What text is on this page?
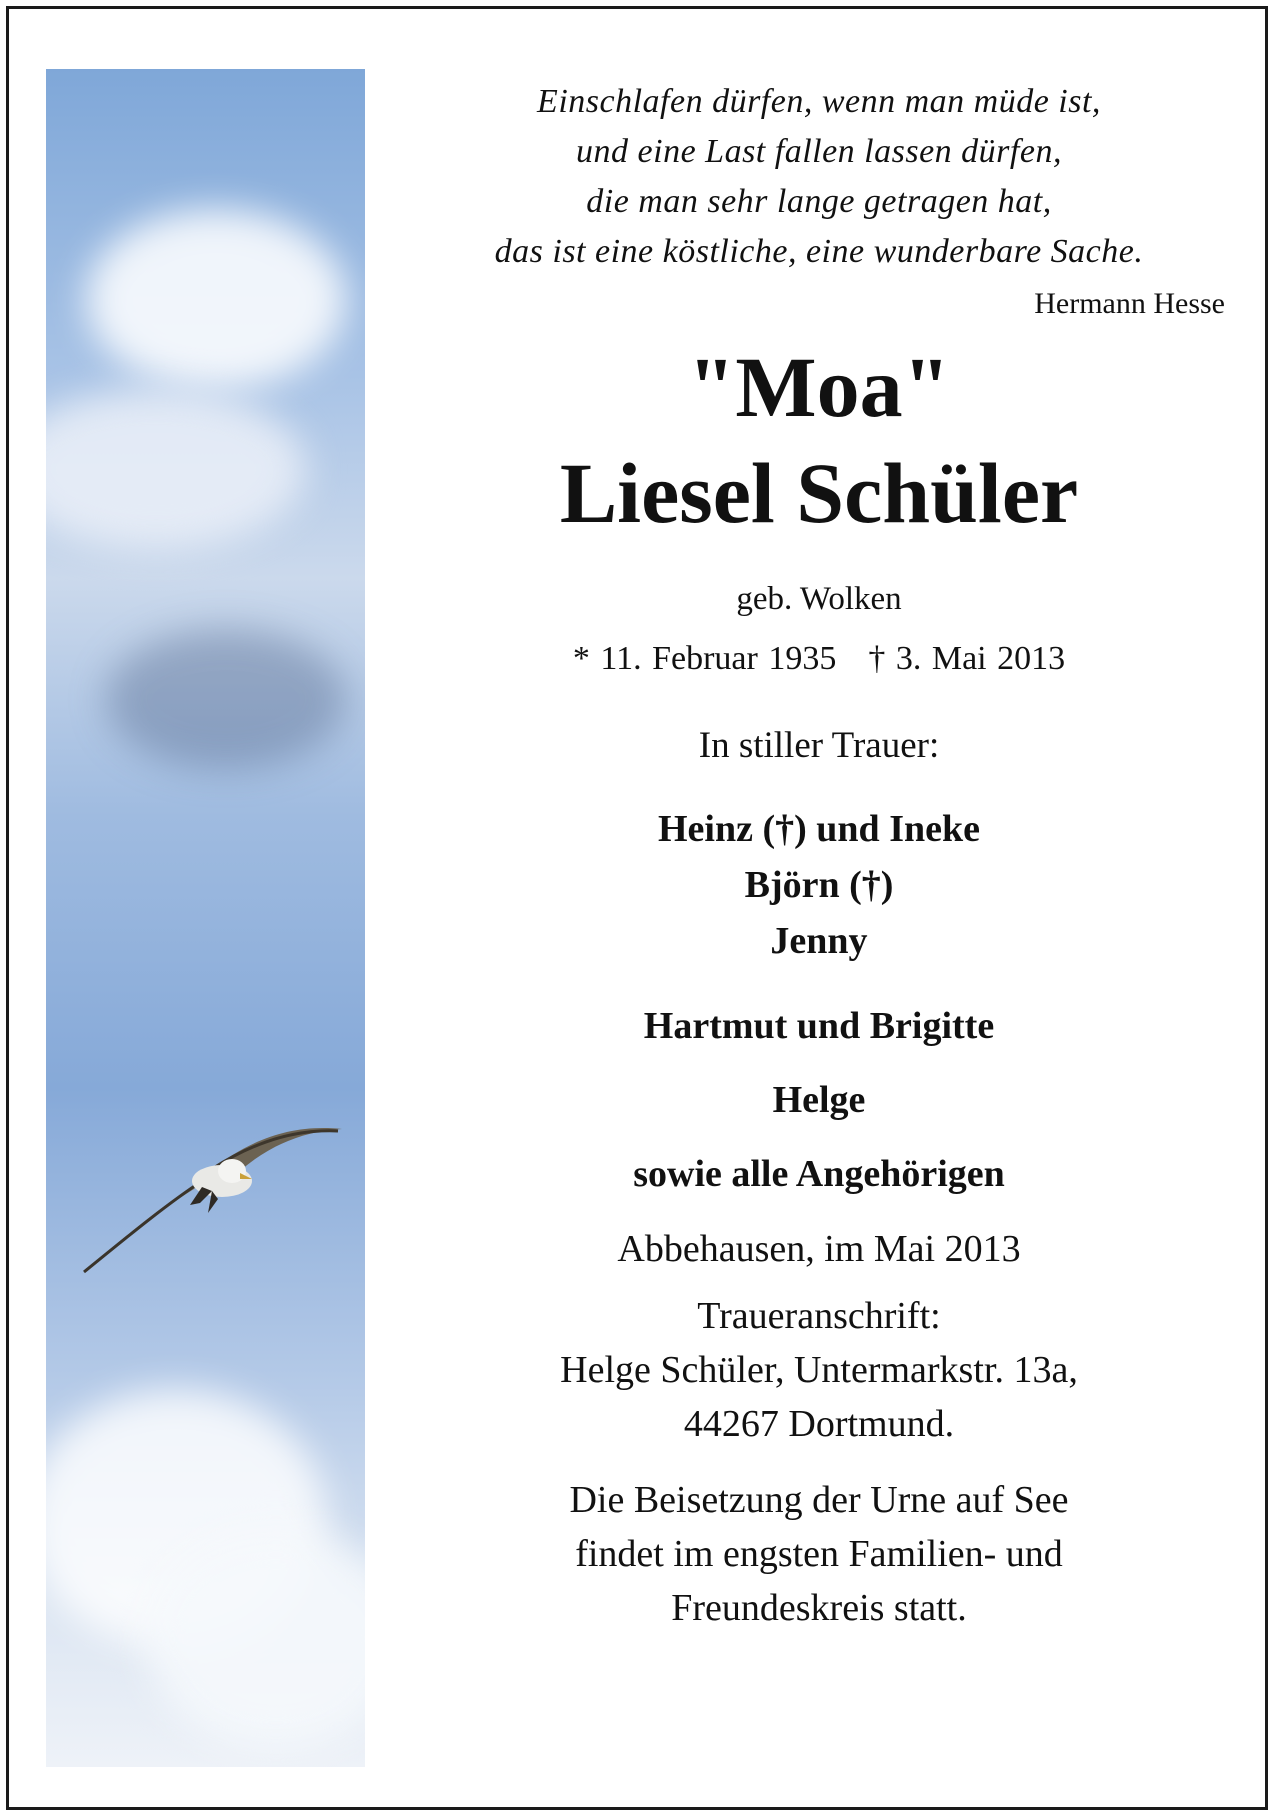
Einschlafen dürfen, wenn man müde ist,
und eine Last fallen lassen dürfen,
die man sehr lange getragen hat,
das ist eine köstliche, eine wunderbare Sache.
Hermann Hesse
"Moa"
Liesel Schüler
geb. Wolken
* 11. Februar 1935 † 3. Mai 2013
In stiller Trauer:
Heinz (†) und Ineke
Björn (†)
Jenny
Hartmut und Brigitte
Helge
sowie alle Angehörigen
Abbehausen, im Mai 2013
Traueranschrift:
Helge Schüler, Untermarkstr. 13a,
44267 Dortmund.
Die Beisetzung der Urne auf See
findet im engsten Familien- und
Freundeskreis statt.
